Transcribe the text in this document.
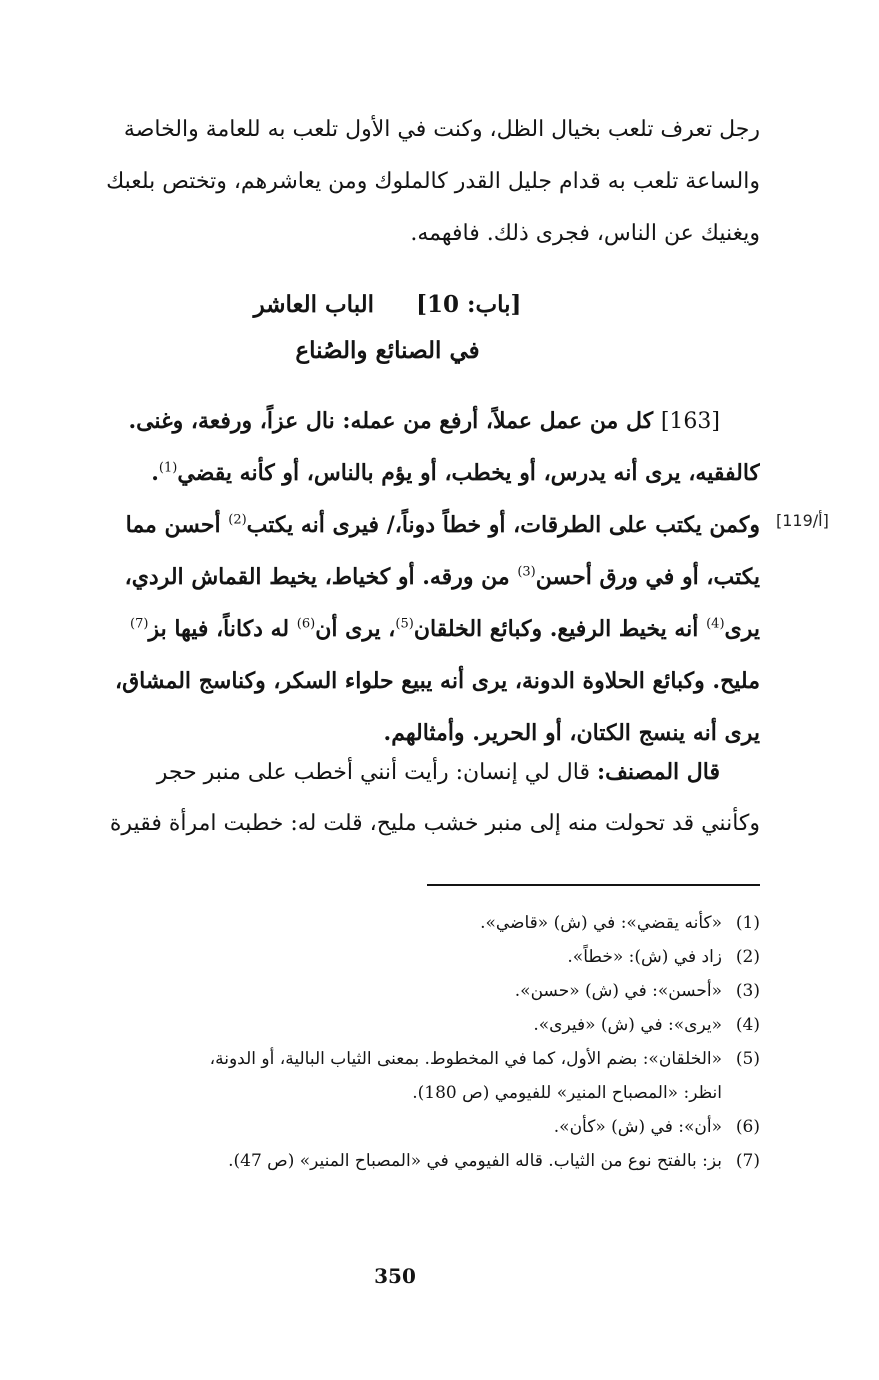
رجل تعرف تلعب بخيال الظل، وكنت في الأول تلعب به للعامة والخاصة
والساعة تلعب به قدام جليل القدر كالملوك ومن يعاشرهم، وتختص بلعبك
ويغنيك عن الناس، فجرى ذلك. فافهمه.
[باب: 10]  الباب العاشر
في الصنائع والصُناع
[163] كل من عمل عملاً، أرفع من عمله: نال عزاً، ورفعة، وغنى.
كالفقيه، يرى أنه يدرس، أو يخطب، أو يؤم بالناس، أو كأنه يقضي$^{(1)}$.
وكمن يكتب على الطرقات، أو خطاً دوناً،/ فيرى أنه يكتب$^{(2)}$ أحسن مما
يكتب، أو في ورق أحسن$^{(3)}$ من ورقه. أو كخياط، يخيط القماش الردي،
يرى$^{(4)}$ أنه يخيط الرفيع. وكبائع الخلقان$^{(5)}$، يرى أن$^{(6)}$ له دكاناً، فيها بز$^{(7)}$
مليح. وكبائع الحلاوة الدونة، يرى أنه يبيع حلواء السكر، وكناسج المشاق،
يرى أنه ينسج الكتان، أو الحرير. وأمثالهم.
[119/أ]
قال المصنف: قال لي إنسان: رأيت أنني أخطب على منبر حجر
وكأنني قد تحولت منه إلى منبر خشب مليح، قلت له: خطبت امرأة فقيرة
(1)
«كأنه يقضي»: في (ش) «قاضي».
(2)
زاد في (ش): «خطاً».
(3)
«أحسن»: في (ش) «حسن».
(4)
«يرى»: في (ش) «فيرى».
(5)
«الخلقان»: بضم الأول، كما في المخطوط. بمعنى الثياب البالية، أو الدونة،
انظر: «المصباح المنير» للفيومي (ص 180).
(6)
«أن»: في (ش) «كأن».
(7)
بز: بالفتح نوع من الثياب. قاله الفيومي في «المصباح المنير» (ص 47).
350
